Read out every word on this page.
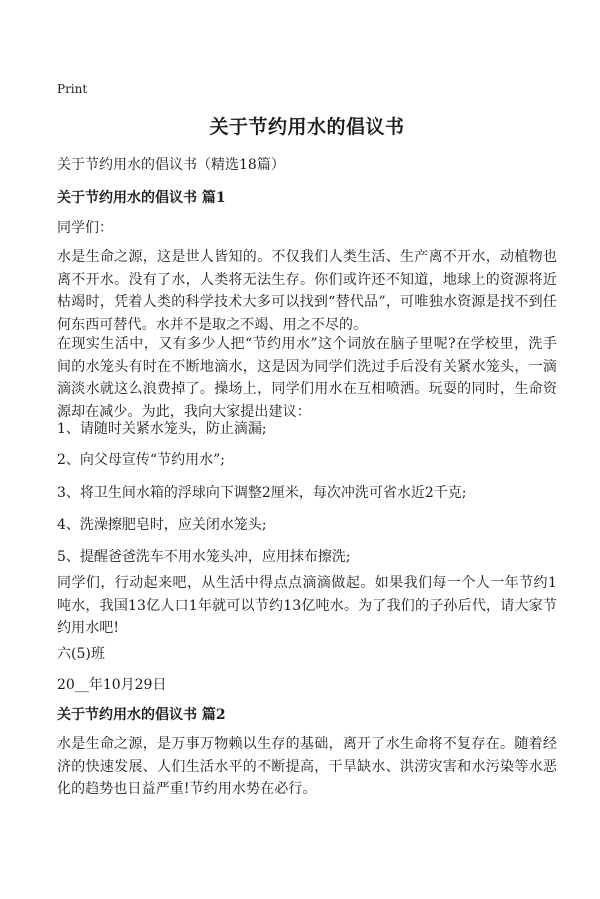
Print
关于节约用水的倡议书
关于节约用水的倡议书（精选18篇）
关于节约用水的倡议书 篇1
同学们：
水是生命之源，这是世人皆知的。不仅我们人类生活、生产离不开水，动植物也离不开水。没有了水，人类将无法生存。你们或许还不知道，地球上的资源将近枯竭时，凭着人类的科学技术大多可以找到“替代品”，可唯独水资源是找不到任何东西可替代。水并不是取之不竭、用之不尽的。
在现实生活中，又有多少人把“节约用水”这个词放在脑子里呢?在学校里，洗手间的水笼头有时在不断地滴水，这是因为同学们洗过手后没有关紧水笼头，一滴滴淡水就这么浪费掉了。操场上，同学们用水在互相喷洒。玩耍的同时，生命资源却在减少。为此，我向大家提出建议：
1、请随时关紧水笼头，防止滴漏;
2、向父母宣传“节约用水”;
3、将卫生间水箱的浮球向下调整2厘米，每次冲洗可省水近2千克;
4、洗澡擦肥皂时，应关闭水笼头;
5、提醒爸爸洗车不用水笼头冲，应用抹布擦洗;
同学们，行动起来吧，从生活中得点点滴滴做起。如果我们每一个人一年节约1吨水，我国13亿人口1年就可以节约13亿吨水。为了我们的子孙后代，请大家节约用水吧!
六(5)班
20__年10月29日
关于节约用水的倡议书 篇2
水是生命之源，是万事万物赖以生存的基础，离开了水生命将不复存在。随着经济的快速发展、人们生活水平的不断提高，干旱缺水、洪涝灾害和水污染等水恶化的趋势也日益严重!节约用水势在必行。
